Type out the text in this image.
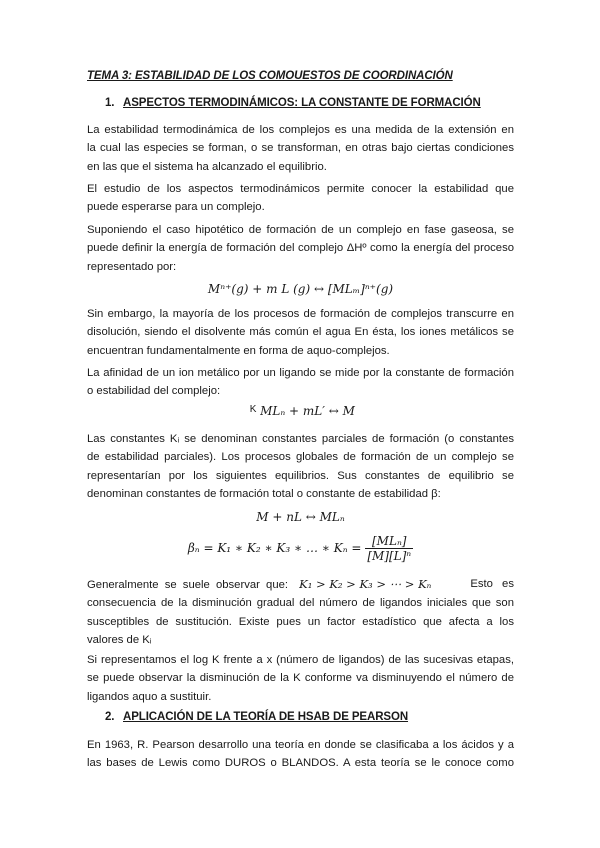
TEMA 3: ESTABILIDAD DE LOS COMOUESTOS DE COORDINACIÓN
1. ASPECTOS TERMODINÁMICOS: LA CONSTANTE DE FORMACIÓN
La estabilidad termodinámica de los complejos es una medida de la extensión en
la cual las especies se forman, o se transforman, en otras bajo ciertas condiciones
en las que el sistema ha alcanzado el equilibrio.
El estudio de los aspectos termodinámicos permite conocer la estabilidad que
puede esperarse para un complejo.
Suponiendo el caso hipotético de formación de un complejo en fase gaseosa, se
puede definir la energía de formación del complejo ΔHº como la energía del proceso
representado por:
Mⁿ⁺(g) + m L (g) ↔ [MLₘ]ⁿ⁺(g)
Sin embargo, la mayoría de los procesos de formación de complejos transcurre en
disolución, siendo el disolvente más común el agua En ésta, los iones metálicos se
encuentran fundamentalmente en forma de aquo-complejos.
La afinidad de un ion metálico por un ligando se mide por la constante de formación
o estabilidad del complejo:
K MLₙ + mL′ ↔ M
Las constantes Kᵢ se denominan constantes parciales de formación (o constantes
de estabilidad parciales). Los procesos globales de formación de un complejo se
representarían por los siguientes equilibrios. Sus constantes de equilibrio se
denominan constantes de formación total o constante de estabilidad β:
M + nL ↔ MLₙ
βₙ = K₁ ∗ K₂ ∗ K₃ ∗ … ∗ $K_n = \frac{\text{[MLₙ]}}{\text{[M][L]ⁿ}}$
Generalmente se suele observar que: K₁ > K₂ > K₃ > ⋯ > Kₙ	Esto es
consecuencia de la disminución gradual del número de ligandos iniciales que son
susceptibles de sustitución. Existe pues un factor estadístico que afecta a los
valores de Kᵢ
Si representamos el log K frente a x (número de ligandos) de las sucesivas etapas,
se puede observar la disminución de la K conforme va disminuyendo el número de
ligandos aquo a sustituir.
2. APLICACIÓN DE LA TEORÍA DE HSAB DE PEARSON
En 1963, R. Pearson desarrollo una teoría en donde se clasificaba a los ácidos y a
las bases de Lewis como DUROS o BLANDOS. A esta teoría se le conoce como
